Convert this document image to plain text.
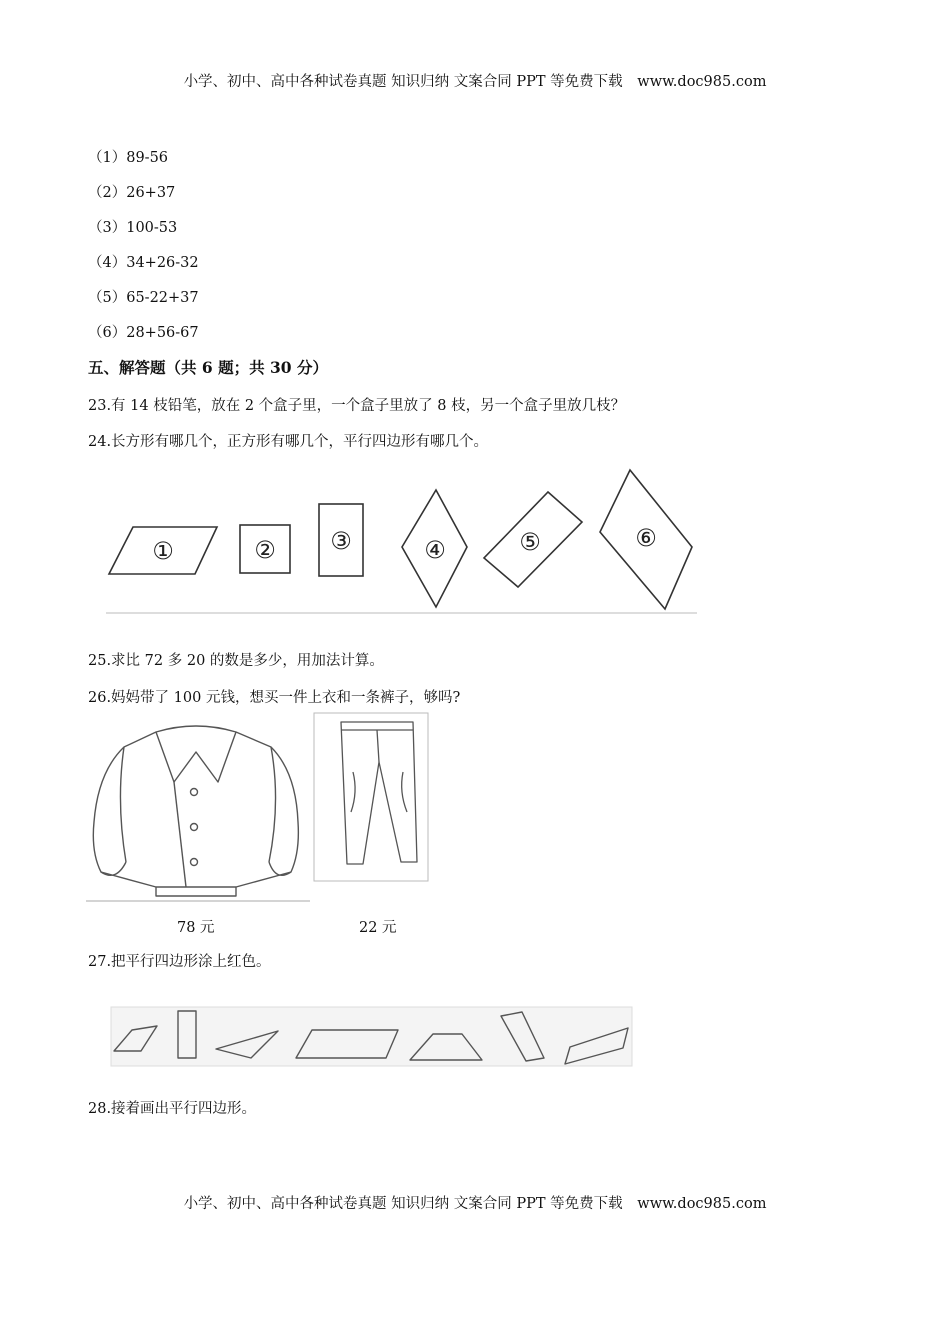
小学、初中、高中各种试卷真题 知识归纳 文案合同 PPT 等免费下载 www.doc985.com
（1）89-56
（2）26+37
（3）100-53
（4）34+26-32
（5）65-22+37
（6）28+56-67
五、解答题（共 6 题；共 30 分）
23.有 14 枝铅笔，放在 2 个盒子里，一个盒子里放了 8 枝，另一个盒子里放几枝？
24.长方形有哪几个，正方形有哪几个，平行四边形有哪几个。
①	② ③	④	⑤	⑥
25.求比 72 多 20 的数是多少，用加法计算。
26.妈妈带了 100 元钱，想买一件上衣和一条裤子，够吗?
78 元	22 元
27.把平行四边形涂上红色。
28.接着画出平行四边形。
小学、初中、高中各种试卷真题 知识归纳 文案合同 PPT 等免费下载 www.doc985.com
